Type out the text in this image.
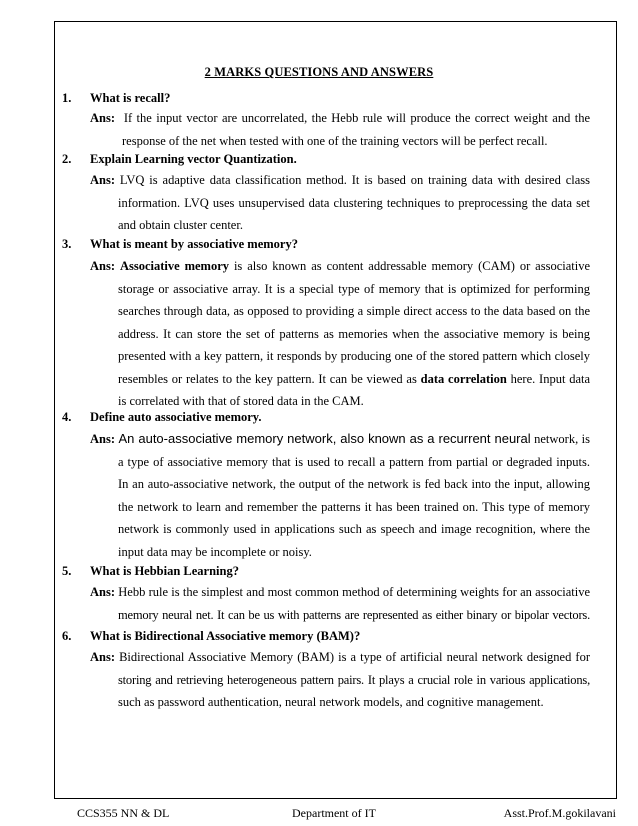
2 MARKS QUESTIONS AND ANSWERS
1. What is recall?
Ans: If the input vector are uncorrelated, the Hebb rule will produce the correct weight and the
response of the net when tested with one of the training vectors will be perfect recall.
2. Explain Learning vector Quantization.
Ans: LVQ is adaptive data classification method. It is based on training data with desired class
information. LVQ uses unsupervised data clustering techniques to preprocessing the data set
and obtain cluster center.
3. What is meant by associative memory?
Ans: Associative memory is also known as content addressable memory (CAM) or associative
storage or associative array. It is a special type of memory that is optimized for performing
searches through data, as opposed to providing a simple direct access to the data based on the
address. It can store the set of patterns as memories when the associative memory is being
presented with a key pattern, it responds by producing one of the stored pattern which closely
resembles or relates to the key pattern. It can be viewed as data correlation here. Input data
is correlated with that of stored data in the CAM.
4. Define auto associative memory.
Ans: An auto-associative memory network, also known as a recurrent neural network, is
a type of associative memory that is used to recall a pattern from partial or degraded inputs.
In an auto-associative network, the output of the network is fed back into the input, allowing
the network to learn and remember the patterns it has been trained on. This type of memory
network is commonly used in applications such as speech and image recognition, where the
input data may be incomplete or noisy.
5. What is Hebbian Learning?
Ans: Hebb rule is the simplest and most common method of determining weights for an associative
memory neural net. It can be us with patterns are represented as either binary or bipolar vectors.
6. What is Bidirectional Associative memory (BAM)?
Ans: Bidirectional Associative Memory (BAM) is a type of artificial neural network designed for
storing and retrieving heterogeneous pattern pairs. It plays a crucial role in various applications,
such as password authentication, neural network models, and cognitive management.
CCS355 NN & DL	Department of IT	Asst.Prof.M.gokilavani
